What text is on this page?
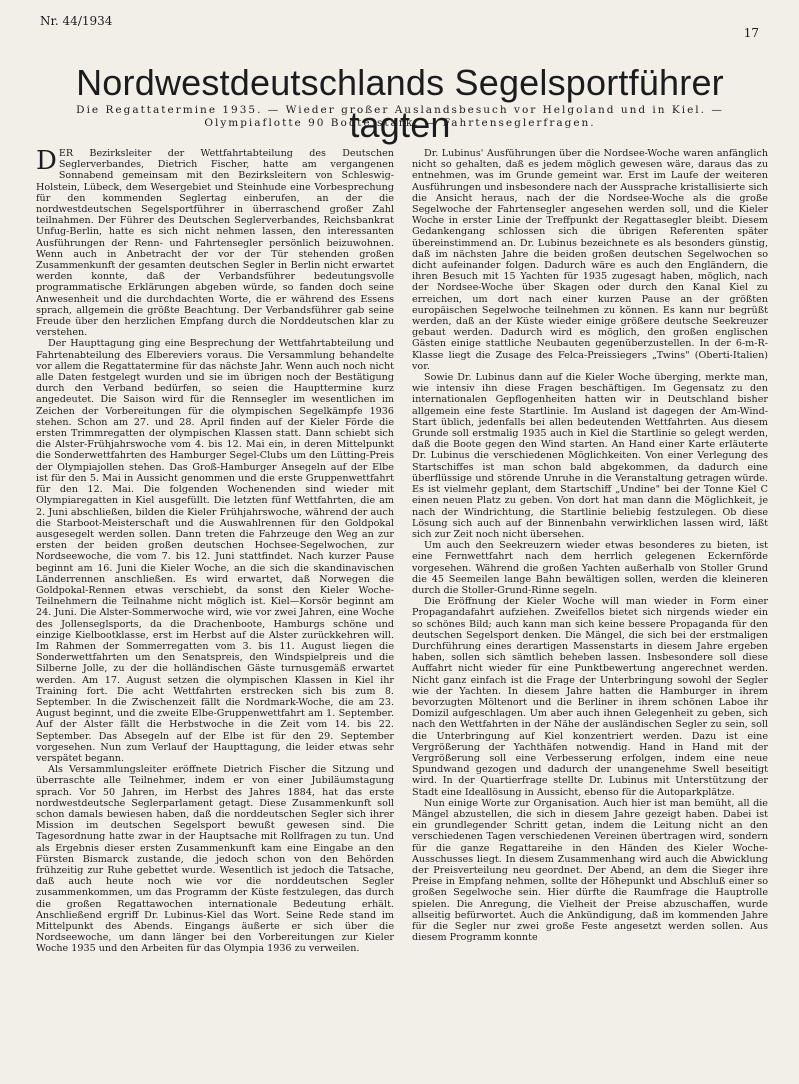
Nr. 44/1934
17
Nordwestdeutschlands Segelsportführer tagten
Die Regattatermine 1935. — Wieder großer Auslandsbesuch vor Helgoland und in Kiel. — Olympiaflotte 90 Boote stark. — Fahrtenseglerfragen.

DER Bezirksleiter der Wettfahrtabteilung des Deutschen Seglerverbandes, Dietrich Fischer, hatte am vergangenen Sonnabend gemeinsam mit den Bezirksleitern von Schleswig-Holstein, Lübeck, dem Wesergebiet und Steinhude eine Vorbesprechung für den kommenden Seglertag einberufen, an der die nordwestdeutschen Segelsportführer in überraschend großer Zahl teilnahmen. Der Führer des Deutschen Seglerverbandes, Reichsbankrat Unfug-Berlin, hatte es sich nicht nehmen lassen, den interessanten Ausführungen der Renn- und Fahrtensegler persönlich beizuwohnen. Wenn auch in Anbetracht der vor der Tür stehenden großen Zusammenkunft der gesamten deutschen Segler in Berlin nicht erwartet werden konnte, daß der Verbandsführer bedeutungsvolle programmatische Erklärungen abgeben würde, so fanden doch seine Anwesenheit und die durchdachten Worte, die er während des Essens sprach, allgemein die größte Beachtung. Der Verbandsführer gab seine Freude über den herzlichen Empfang durch die Norddeutschen klar zu verstehen.

Der Haupttagung ging eine Besprechung der Wettfahrtabteilung und Fahrtenabteilung des Elbereviers voraus. Die Versammlung behandelte vor allem die Regattatermine für das nächste Jahr. Wenn auch noch nicht alle Daten festgelegt wurden und sie im übrigen noch der Bestätigung durch den Verband bedürfen, so seien die Haupttermine kurz angedeutet. Die Saison wird für die Rennsegler im wesentlichen im Zeichen der Vorbereitungen für die olympischen Segelkämpfe 1936 stehen. Schon am 27. und 28. April finden auf der Kieler Förde die ersten Trimmregatten der olympischen Klassen statt. Dann schiebt sich die Alster-Frühjahrswoche vom 4. bis 12. Mai ein, in deren Mittelpunkt die Sonderwettfahrten des Hamburger Segel-Clubs um den Lütting-Preis der Olympiajollen stehen. Das Groß-Hamburger Ansegeln auf der Elbe ist für den 5. Mai in Aussicht genommen und die erste Gruppenwettfahrt für den 12. Mai. Die folgenden Wochenenden sind wieder mit Olympiaregatten in Kiel ausgefüllt. Die letzten fünf Wettfahrten, die am 2. Juni abschließen, bilden die Kieler Frühjahrswoche, während der auch die Starboot-Meisterschaft und die Auswahlrennen für den Goldpokal ausgesegelt werden sollen. Dann treten die Fahrzeuge den Weg an zur ersten der beiden großen deutschen Hochsee-Segelwochen, zur Nordseewoche, die vom 7. bis 12. Juni stattfindet. Nach kurzer Pause beginnt am 16. Juni die Kieler Woche, an die sich die skandinavischen Länderrennen anschließen. Es wird erwartet, daß Norwegen die Goldpokal-Rennen etwas verschiebt, da sonst den Kieler Woche-Teilnehmern die Teilnahme nicht möglich ist. Kiel—Korsör beginnt am 24. Juni. Die Alster-Sommerwoche wird, wie vor zwei Jahren, eine Woche des Jollenseglsports, da die Drachenboote, Hamburgs schöne und einzige Kielbootklasse, erst im Herbst auf die Alster zurückkehren will. Im Rahmen der Sommerregatten vom 3. bis 11. August liegen die Sonderwettfahrten um den Senatspreis, den Windspielpreis und die Silberne Jolle, zu der die holländischen Gäste turnusgemäß erwartet werden. Am 17. August setzen die olympischen Klassen in Kiel ihr Training fort. Die acht Wettfahrten erstrecken sich bis zum 8. September. In die Zwischenzeit fällt die Nordmark-Woche, die am 23. August beginnt, und die zweite Elbe-Gruppenwettfahrt am 1. September. Auf der Alster fällt die Herbstwoche in die Zeit vom 14. bis 22. September. Das Absegeln auf der Elbe ist für den 29. September vorgesehen. Nun zum Verlauf der Haupttagung, die leider etwas sehr verspätet begann.

Als Versammlungsleiter eröffnete Dietrich Fischer die Sitzung und überraschte alle Teilnehmer, indem er von einer Jubiläumstagung sprach. Vor 50 Jahren, im Herbst des Jahres 1884, hat das erste nordwestdeutsche Seglerparlament getagt. Diese Zusammenkunft soll schon damals bewiesen haben, daß die norddeutschen Segler sich ihrer Mission im deutschen Segelsport bewußt gewesen sind. Die Tagesordnung hatte zwar in der Hauptsache mit Rollfragen zu tun. Und als Ergebnis dieser ersten Zusammenkunft kam eine Eingabe an den Fürsten Bismarck zustande, die jedoch schon von den Behörden frühzeitig zur Ruhe gebettet wurde. Wesentlich ist jedoch die Tatsache, daß auch heute noch wie vor die norddeutschen Segler zusammenkommen, um das Programm der Küste festzulegen, das durch die großen Regattawochen internationale Bedeutung erhält. Anschließend ergriff Dr. Lubinus-Kiel das Wort. Seine Rede stand im Mittelpunkt des Abends. Eingangs äußerte er sich über die Nordseewoche, um dann länger bei den Vorbereitungen zur Kieler Woche 1935 und den Arbeiten für das Olympia 1936 zu verweilen.

Dr. Lubinus' Ausführungen über die Nordsee-Woche waren anfänglich nicht so gehalten, daß es jedem möglich gewesen wäre, daraus das zu entnehmen, was im Grunde gemeint war. Erst im Laufe der weiteren Ausführungen und insbesondere nach der Aussprache kristallisierte sich die Ansicht heraus, nach der die Nordsee-Woche als die große Segelwoche der Fahrtensegler angesehen werden soll, und die Kieler Woche in erster Linie der Treffpunkt der Regattasegler bleibt. Diesem Gedankengang schlossen sich die übrigen Referenten später übereinstimmend an. Dr. Lubinus bezeichnete es als besonders günstig, daß im nächsten Jahre die beiden großen deutschen Segelwochen so dicht aufeinander folgen. Dadurch wäre es auch den Engländern, die ihren Besuch mit 15 Yachten für 1935 zugesagt haben, möglich, nach der Nordsee-Woche über Skagen oder durch den Kanal Kiel zu erreichen, um dort nach einer kurzen Pause an der größten europäischen Segelwoche teilnehmen zu können. Es kann nur begrüßt werden, daß an der Küste wieder einige größere deutsche Seekreuzer gebaut werden. Dadurch wird es möglich, den großen englischen Gästen einige stattliche Neubauten gegenüberzustellen. In der 6-m-R-Klasse liegt die Zusage des Felca-Preissiegers „Twins" (Oberti-Italien) vor.

Sowie Dr. Lubinus dann auf die Kieler Woche überging, merkte man, wie intensiv ihn diese Fragen beschäftigen. Im Gegensatz zu den internationalen Gepflogenheiten hatten wir in Deutschland bisher allgemein eine feste Startlinie. Im Ausland ist dagegen der Am-Wind-Start üblich, jedenfalls bei allen bedeutenden Wettfahrten. Aus diesem Grunde soll erstmalig 1935 auch in Kiel die Startlinie so gelegt werden, daß die Boote gegen den Wind starten. An Hand einer Karte erläuterte Dr. Lubinus die verschiedenen Möglichkeiten. Von einer Verlegung des Startschiffes ist man schon bald abgekommen, da dadurch eine überflüssige und störende Unruhe in die Veranstaltung getragen würde. Es ist vielmehr geplant, dem Startschiff „Undine" bei der Tonne Kiel C einen neuen Platz zu geben. Von dort hat man dann die Möglichkeit, je nach der Windrichtung, die Startlinie beliebig festzulegen. Ob diese Lösung sich auch auf der Binnenbahn verwirklichen lassen wird, läßt sich zur Zeit noch nicht übersehen.

Um auch den Seekreuzern wieder etwas besonderes zu bieten, ist eine Fernwettfahrt nach dem herrlich gelegenen Eckernförde vorgesehen. Während die großen Yachten außerhalb von Stoller Grund die 45 Seemeilen lange Bahn bewältigen sollen, werden die kleineren durch die Stoller-Grund-Rinne segeln.

Die Eröffnung der Kieler Woche will man wieder in Form einer Propagandafahrt aufziehen. Zweifellos bietet sich nirgends wieder ein so schönes Bild; auch kann man sich keine bessere Propaganda für den deutschen Segelsport denken. Die Mängel, die sich bei der erstmaligen Durchführung eines derartigen Massenstarts in diesem Jahre ergeben haben, sollen sich sämtlich beheben lassen. Insbesondere soll diese Auffahrt nicht wieder für eine Punktbewertung angerechnet werden. Nicht ganz einfach ist die Frage der Unterbringung sowohl der Segler wie der Yachten. In diesem Jahre hatten die Hamburger in ihrem bevorzugten Möltenort und die Berliner in ihrem schönen Laboe ihr Domizil aufgeschlagen. Um aber auch ihnen Gelegenheit zu geben, sich nach den Wettfahrten in der Nähe der ausländischen Segler zu sein, soll die Unterbringung auf Kiel konzentriert werden. Dazu ist eine Vergrößerung der Yachthäfen notwendig. Hand in Hand mit der Vergrößerung soll eine Verbesserung erfolgen, indem eine neue Spundwand gezogen und dadurch der unangenehme Swell beseitigt wird. In der Quartierfrage stellte Dr. Lubinus mit Unterstützung der Stadt eine Ideallösung in Aussicht, ebenso für die Autoparkplätze.

Nun einige Worte zur Organisation. Auch hier ist man bemüht, all die Mängel abzustellen, die sich in diesem Jahre gezeigt haben. Dabei ist ein grundlegender Schritt getan, indem die Leitung nicht an den verschiedenen Tagen verschiedenen Vereinen übertragen wird, sondern für die ganze Regattareihe in den Händen des Kieler Woche-Ausschusses liegt. In diesem Zusammenhang wird auch die Abwicklung der Preisverteilung neu geordnet. Der Abend, an dem die Sieger ihre Preise in Empfang nehmen, sollte der Höhepunkt und Abschluß einer so großen Segelwoche sein. Hier dürfte die Raumfrage die Hauptrolle spielen. Die Anregung, die Vielheit der Preise abzuschaffen, wurde allseitig befürwortet. Auch die Ankündigung, daß im kommenden Jahre für die Segler nur zwei große Feste angesetzt werden sollen. Aus diesem Programm konnte
